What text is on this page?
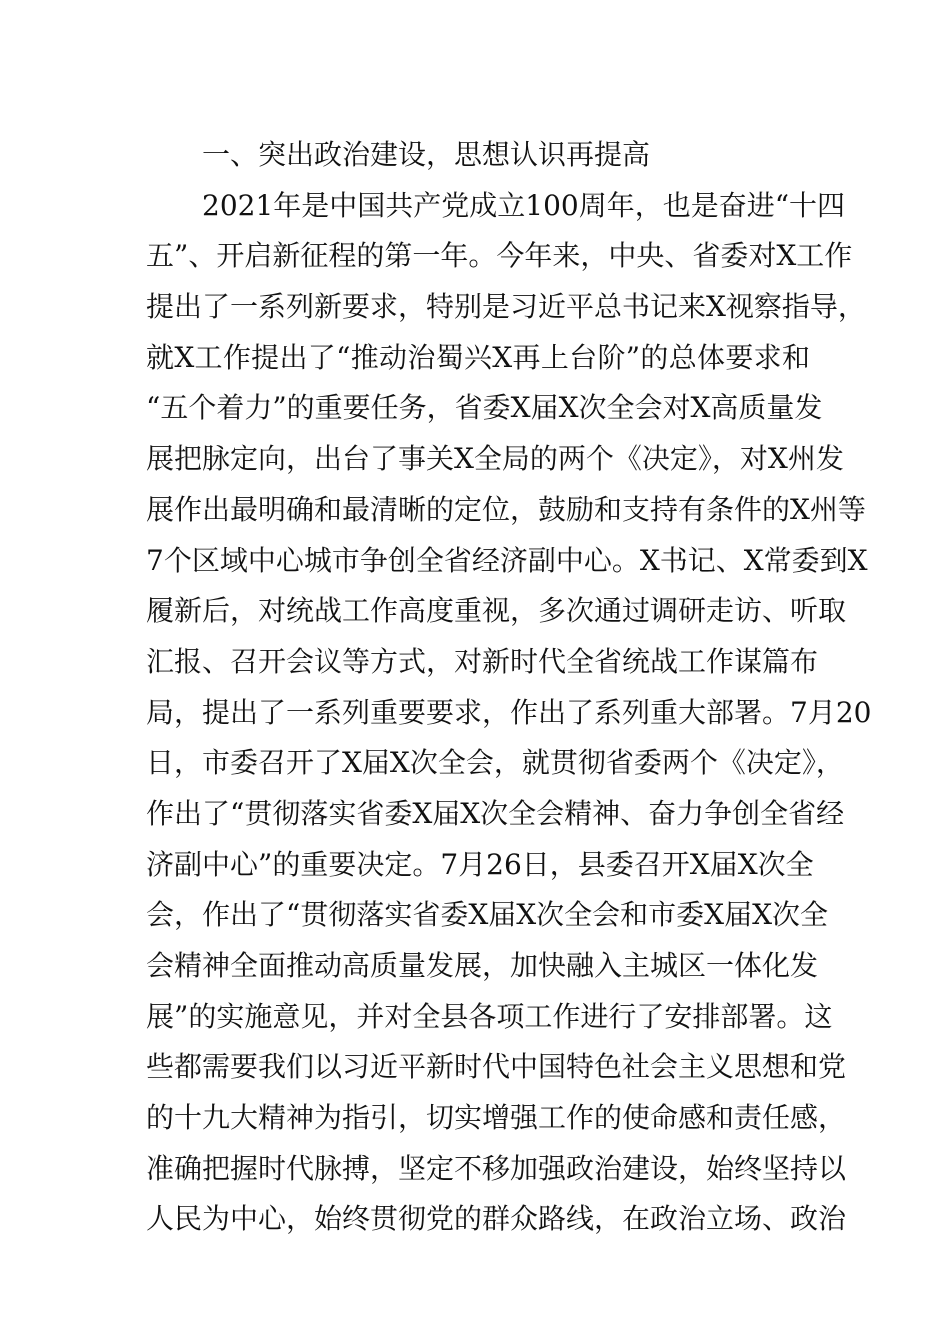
一、突出政治建设，思想认识再提高
2021年是中国共产党成立100周年，也是奋进“十四
五”、开启新征程的第一年。今年来，中央、省委对X工作
提出了一系列新要求，特别是习近平总书记来X视察指导，
就X工作提出了“推动治蜀兴X再上台阶”的总体要求和
“五个着力”的重要任务，省委X届X次全会对X高质量发
展把脉定向，出台了事关X全局的两个《决定》，对X州发
展作出最明确和最清晰的定位，鼓励和支持有条件的X州等
7个区域中心城市争创全省经济副中心。X书记、X常委到X
履新后，对统战工作高度重视，多次通过调研走访、听取
汇报、召开会议等方式，对新时代全省统战工作谋篇布
局，提出了一系列重要要求，作出了系列重大部署。7月20
日，市委召开了X届X次全会，就贯彻省委两个《决定》，
作出了“贯彻落实省委X届X次全会精神、奋力争创全省经
济副中心”的重要决定。7月26日，县委召开X届X次全
会，作出了“贯彻落实省委X届X次全会和市委X届X次全
会精神全面推动高质量发展，加快融入主城区一体化发
展”的实施意见，并对全县各项工作进行了安排部署。这
些都需要我们以习近平新时代中国特色社会主义思想和党
的十九大精神为指引，切实增强工作的使命感和责任感，
准确把握时代脉搏，坚定不移加强政治建设，始终坚持以
人民为中心，始终贯彻党的群众路线，在政治立场、政治
